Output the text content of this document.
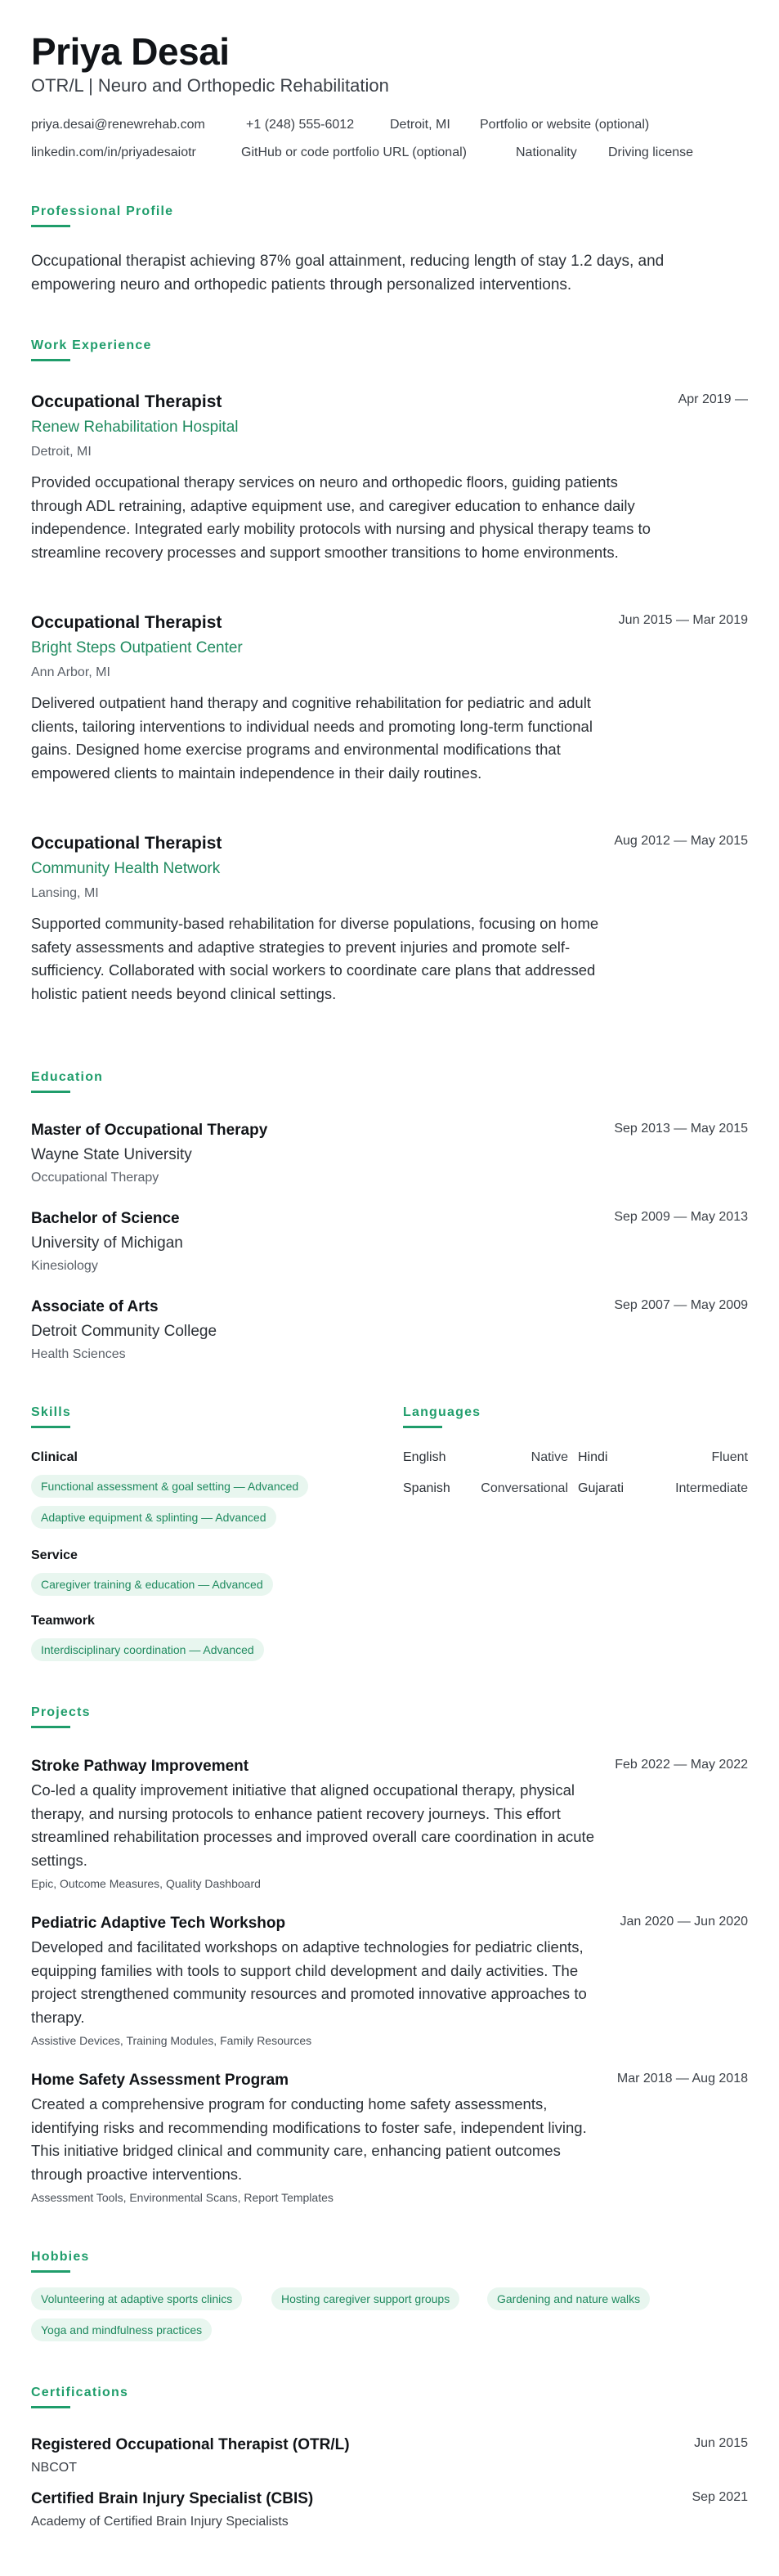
Priya Desai
OTR/L | Neuro and Orthopedic Rehabilitation
priya.desai@renewrehab.com	+1 (248) 555-6012	Detroit, MI Portfolio or website (optional)
linkedin.com/in/priyadesaiotr	GitHub or code portfolio URL (optional)	Nationality Driving license
Professional Profile
Occupational therapist achieving 87% goal attainment, reducing length of stay 1.2 days, and empowering neuro and orthopedic patients through personalized interventions.
Work Experience
Occupational Therapist	Apr 2019 —
Renew Rehabilitation Hospital
Detroit, MI
Provided occupational therapy services on neuro and orthopedic floors, guiding patients through ADL retraining, adaptive equipment use, and caregiver education to enhance daily independence. Integrated early mobility protocols with nursing and physical therapy teams to streamline recovery processes and support smoother transitions to home environments.
Occupational Therapist	Jun 2015 — Mar 2019
Bright Steps Outpatient Center
Ann Arbor, MI
Delivered outpatient hand therapy and cognitive rehabilitation for pediatric and adult clients, tailoring interventions to individual needs and promoting long-term functional gains. Designed home exercise programs and environmental modifications that empowered clients to maintain independence in their daily routines.
Occupational Therapist	Aug 2012 — May 2015
Community Health Network
Lansing, MI
Supported community-based rehabilitation for diverse populations, focusing on home safety assessments and adaptive strategies to prevent injuries and promote self-sufficiency. Collaborated with social workers to coordinate care plans that addressed holistic patient needs beyond clinical settings.
Education
Master of Occupational Therapy	Sep 2013 — May 2015
Wayne State University
Occupational Therapy
Bachelor of Science	Sep 2009 — May 2013
University of Michigan
Kinesiology
Associate of Arts	Sep 2007 — May 2009
Detroit Community College
Health Sciences
Skills
Clinical
Functional assessment & goal setting — Advanced
Adaptive equipment & splinting — Advanced
Service
Caregiver training & education — Advanced
Teamwork
Interdisciplinary coordination — Advanced
Languages
English	Native Hindi	Fluent
Spanish	Conversational Gujarati	Intermediate
Projects
Stroke Pathway Improvement	Feb 2022 — May 2022
Co-led a quality improvement initiative that aligned occupational therapy, physical therapy, and nursing protocols to enhance patient recovery journeys. This effort streamlined rehabilitation processes and improved overall care coordination in acute settings.
Epic, Outcome Measures, Quality Dashboard
Pediatric Adaptive Tech Workshop	Jan 2020 — Jun 2020
Developed and facilitated workshops on adaptive technologies for pediatric clients, equipping families with tools to support child development and daily activities. The project strengthened community resources and promoted innovative approaches to therapy.
Assistive Devices, Training Modules, Family Resources
Home Safety Assessment Program	Mar 2018 — Aug 2018
Created a comprehensive program for conducting home safety assessments, identifying risks and recommending modifications to foster safe, independent living. This initiative bridged clinical and community care, enhancing patient outcomes through proactive interventions.
Assessment Tools, Environmental Scans, Report Templates
Hobbies
Volunteering at adaptive sports clinics	Hosting caregiver support groups	Gardening and nature walks
Yoga and mindfulness practices
Certifications
Registered Occupational Therapist (OTR/L)	Jun 2015
NBCOT
Certified Brain Injury Specialist (CBIS)	Sep 2021
Academy of Certified Brain Injury Specialists
